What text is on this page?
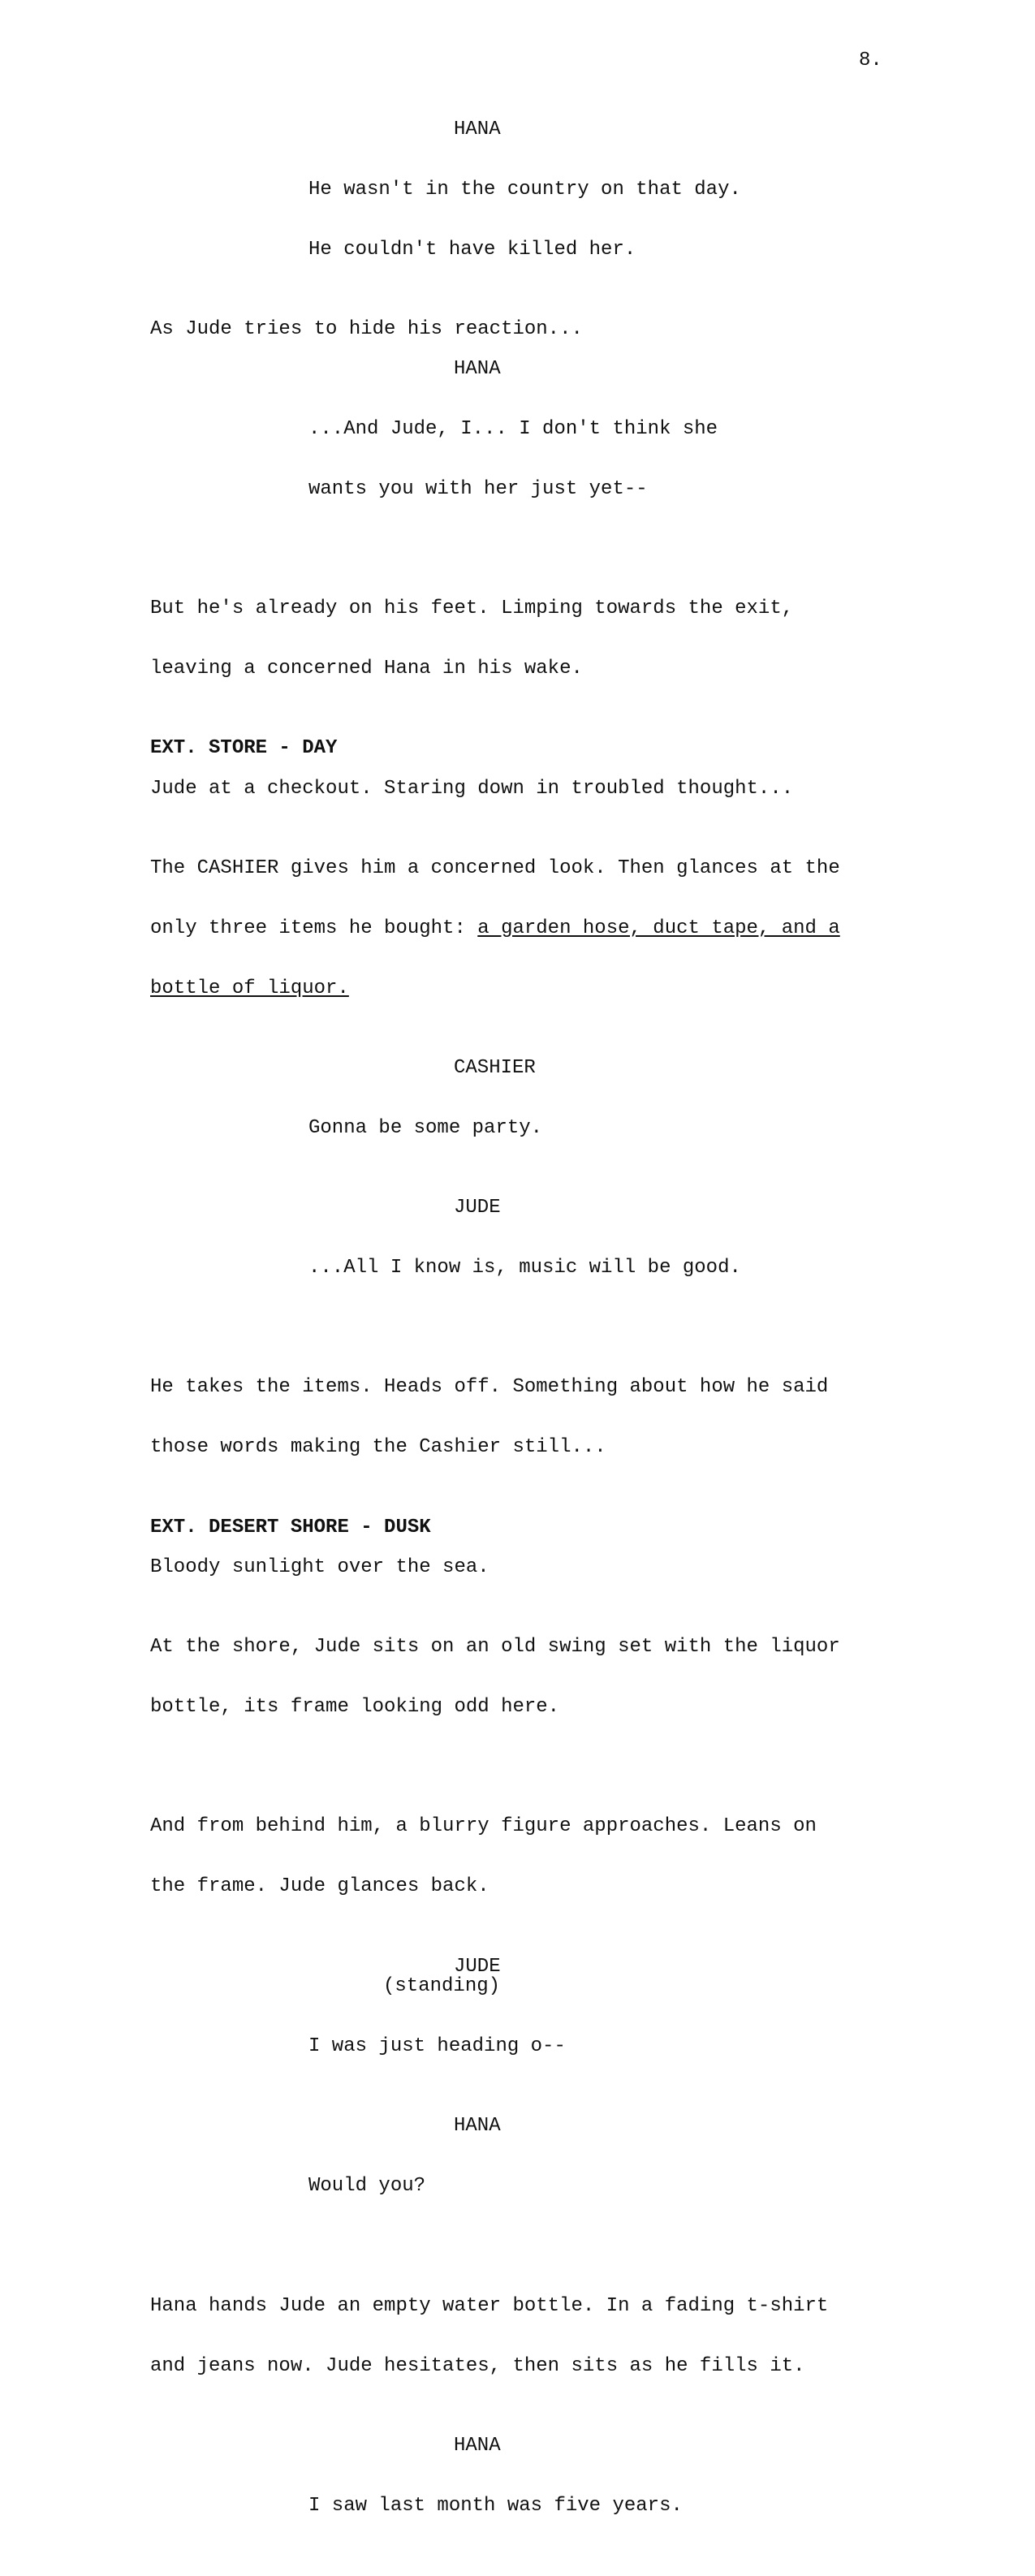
8.
HANA

He wasn't in the country on that day.

He couldn't have killed her.

As Jude tries to hide his reaction...
HANA

...And Jude, I... I don't think she

wants you with her just yet--

But he's already on his feet. Limping towards the exit,

leaving a concerned Hana in his wake.

EXT. STORE - DAY
Jude at a checkout. Staring down in troubled thought...

The CASHIER gives him a concerned look. Then glances at the

only three items he bought: a garden hose, duct tape, and a

bottle of liquor.

CASHIER

Gonna be some party.

JUDE

...All I know is, music will be good.

He takes the items. Heads off. Something about how he said

those words making the Cashier still...

EXT. DESERT SHORE - DUSK
Bloody sunlight over the sea.

At the shore, Jude sits on an old swing set with the liquor

bottle, its frame looking odd here.

And from behind him, a blurry figure approaches. Leans on

the frame. Jude glances back.

JUDE
(standing)

I was just heading o--

HANA

Would you?

Hana hands Jude an empty water bottle. In a fading t-shirt

and jeans now. Jude hesitates, then sits as he fills it.

HANA

I saw last month was five years.
